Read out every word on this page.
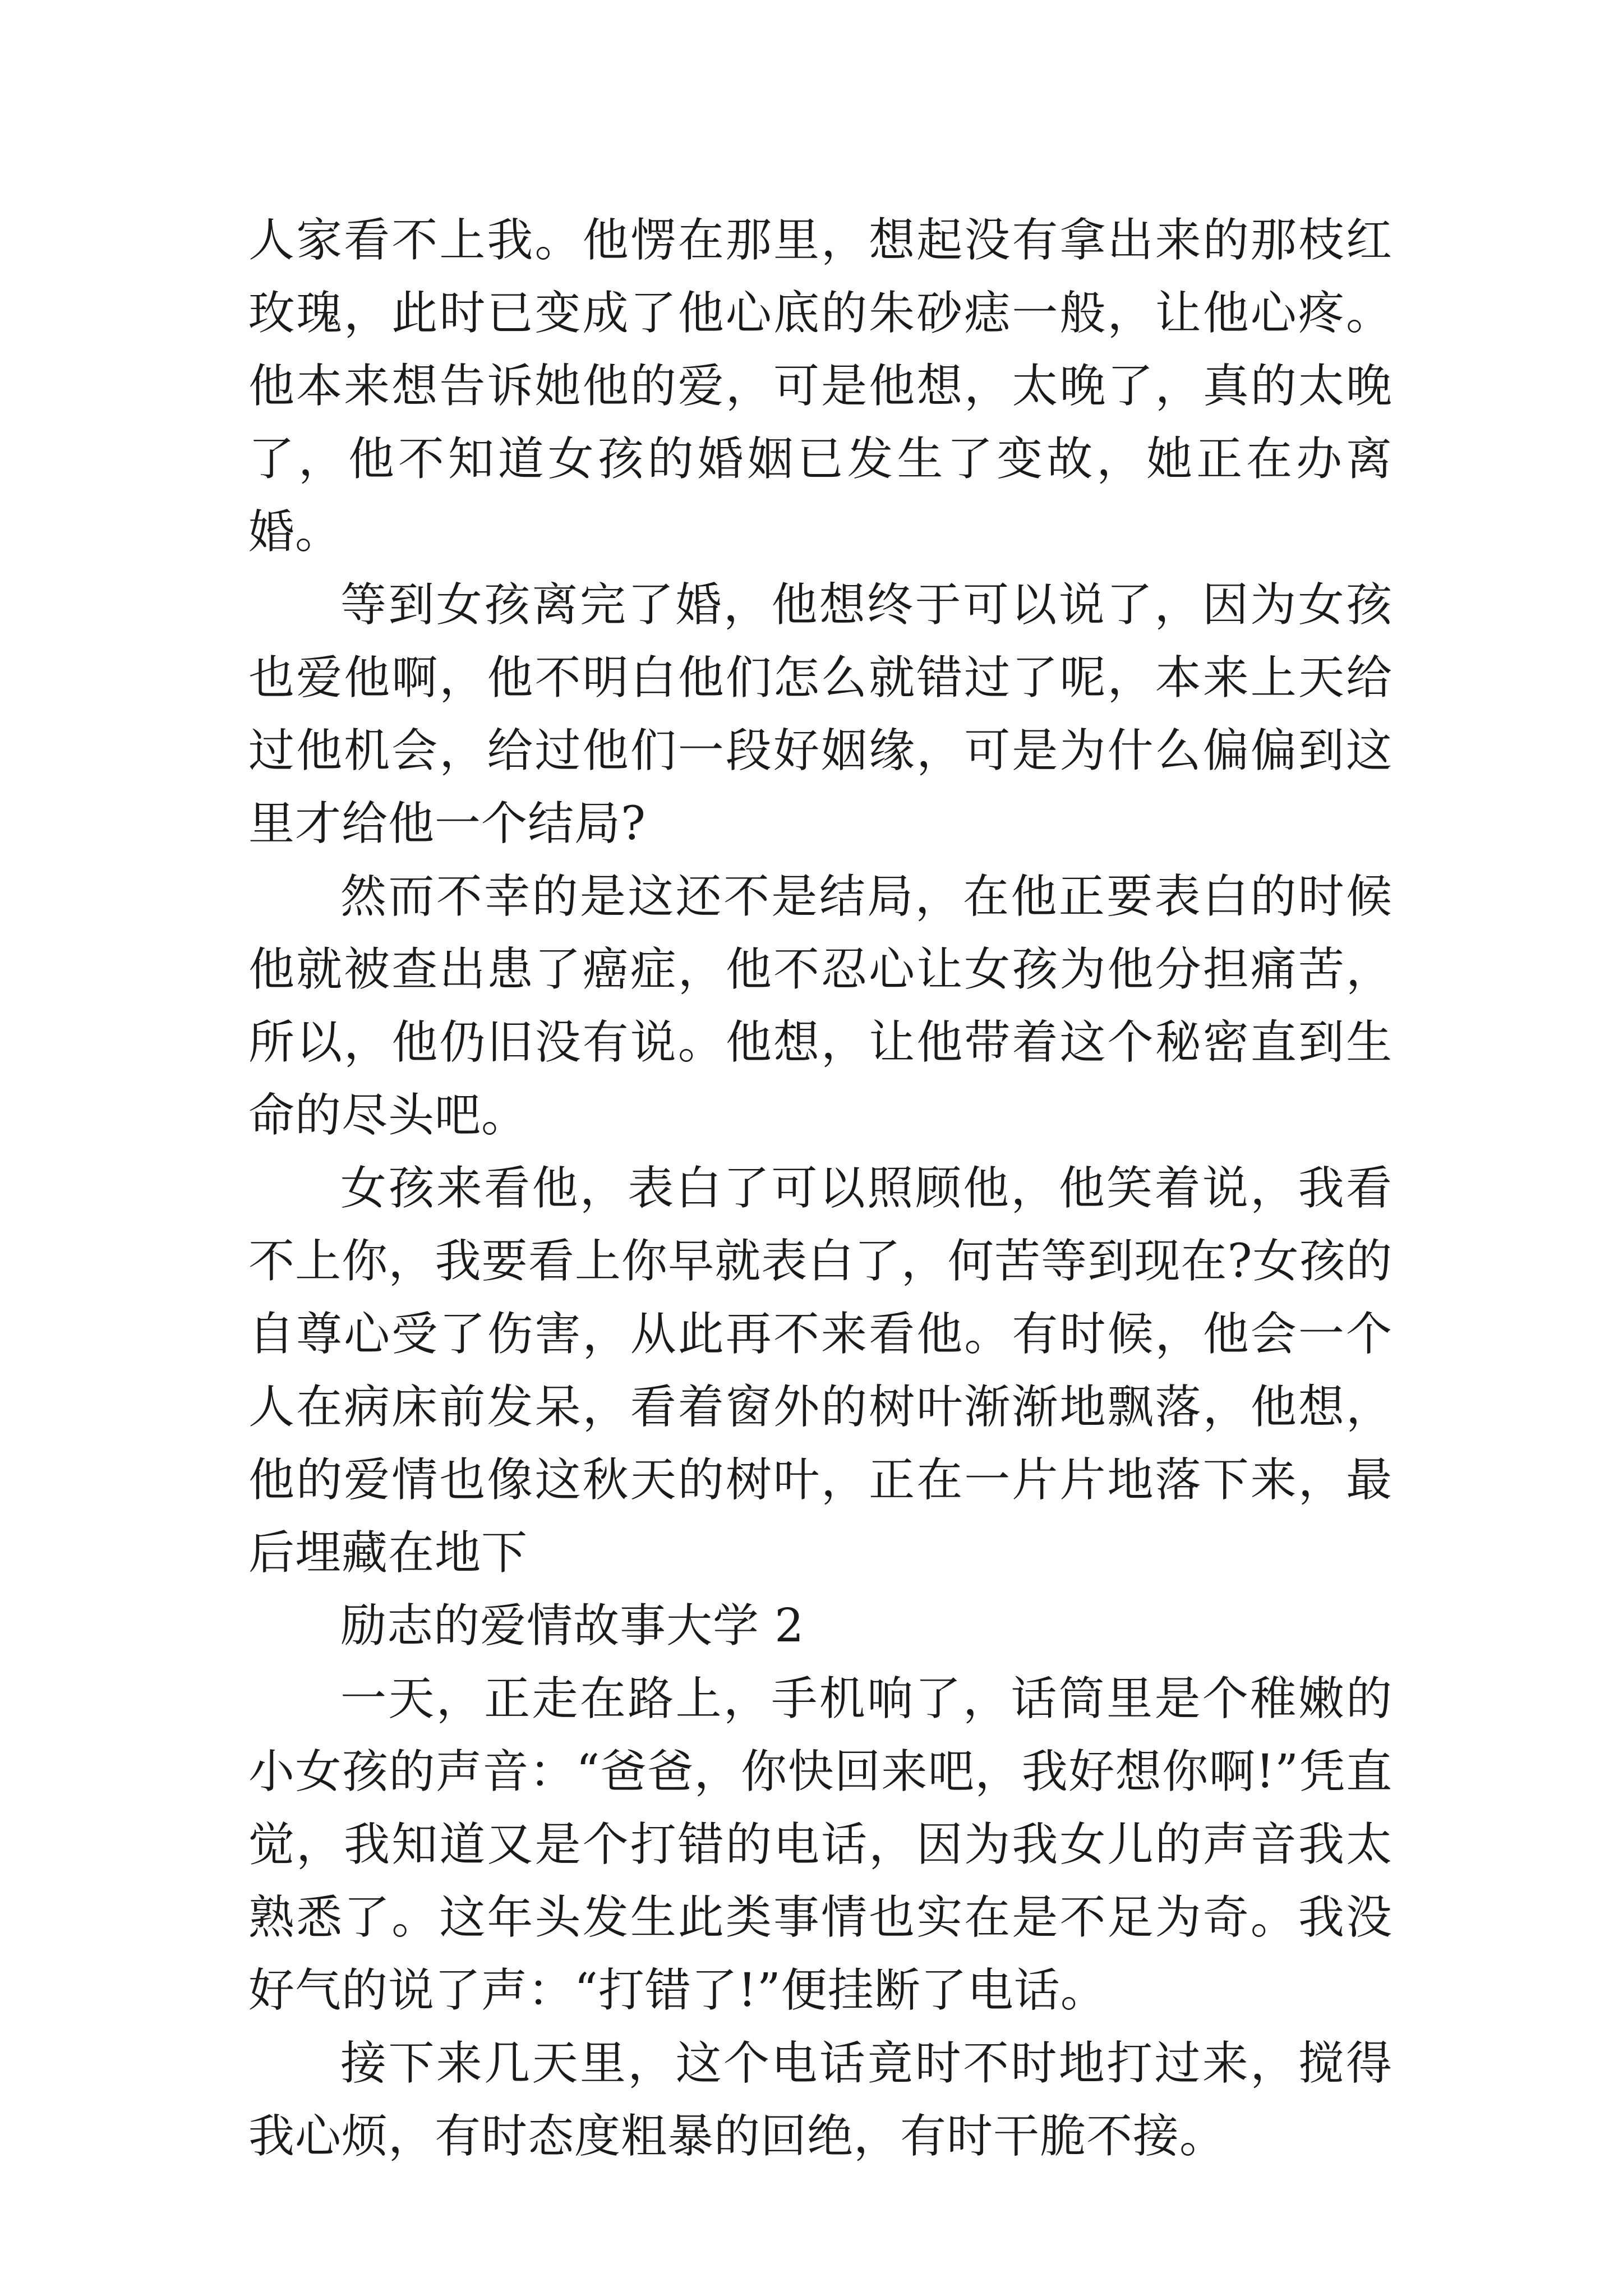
人家看不上我。他愣在那里，想起没有拿出来的那枝红玫瑰，此时已变成了他心底的朱砂痣一般，让他心疼。他本来想告诉她他的爱，可是他想，太晚了，真的太晚了，他不知道女孩的婚姻已发生了变故，她正在办离婚。

等到女孩离完了婚，他想终于可以说了，因为女孩也爱他啊，他不明白他们怎么就错过了呢，本来上天给过他机会，给过他们一段好姻缘，可是为什么偏偏到这里才给他一个结局?

然而不幸的是这还不是结局，在他正要表白的时候他就被查出患了癌症，他不忍心让女孩为他分担痛苦，所以，他仍旧没有说。他想，让他带着这个秘密直到生命的尽头吧。

女孩来看他，表白了可以照顾他，他笑着说，我看不上你，我要看上你早就表白了，何苦等到现在?女孩的自尊心受了伤害，从此再不来看他。有时候，他会一个人在病床前发呆，看着窗外的树叶渐渐地飘落，他想，他的爱情也像这秋天的树叶，正在一片片地落下来，最后埋藏在地下

励志的爱情故事大学 2

一天，正走在路上，手机响了，话筒里是个稚嫩的小女孩的声音：“爸爸，你快回来吧，我好想你啊!”凭直觉，我知道又是个打错的电话，因为我女儿的声音我太熟悉了。这年头发生此类事情也实在是不足为奇。我没好气的说了声：“打错了!”便挂断了电话。

接下来几天里，这个电话竟时不时地打过来，搅得我心烦，有时态度粗暴的回绝，有时干脆不接。
